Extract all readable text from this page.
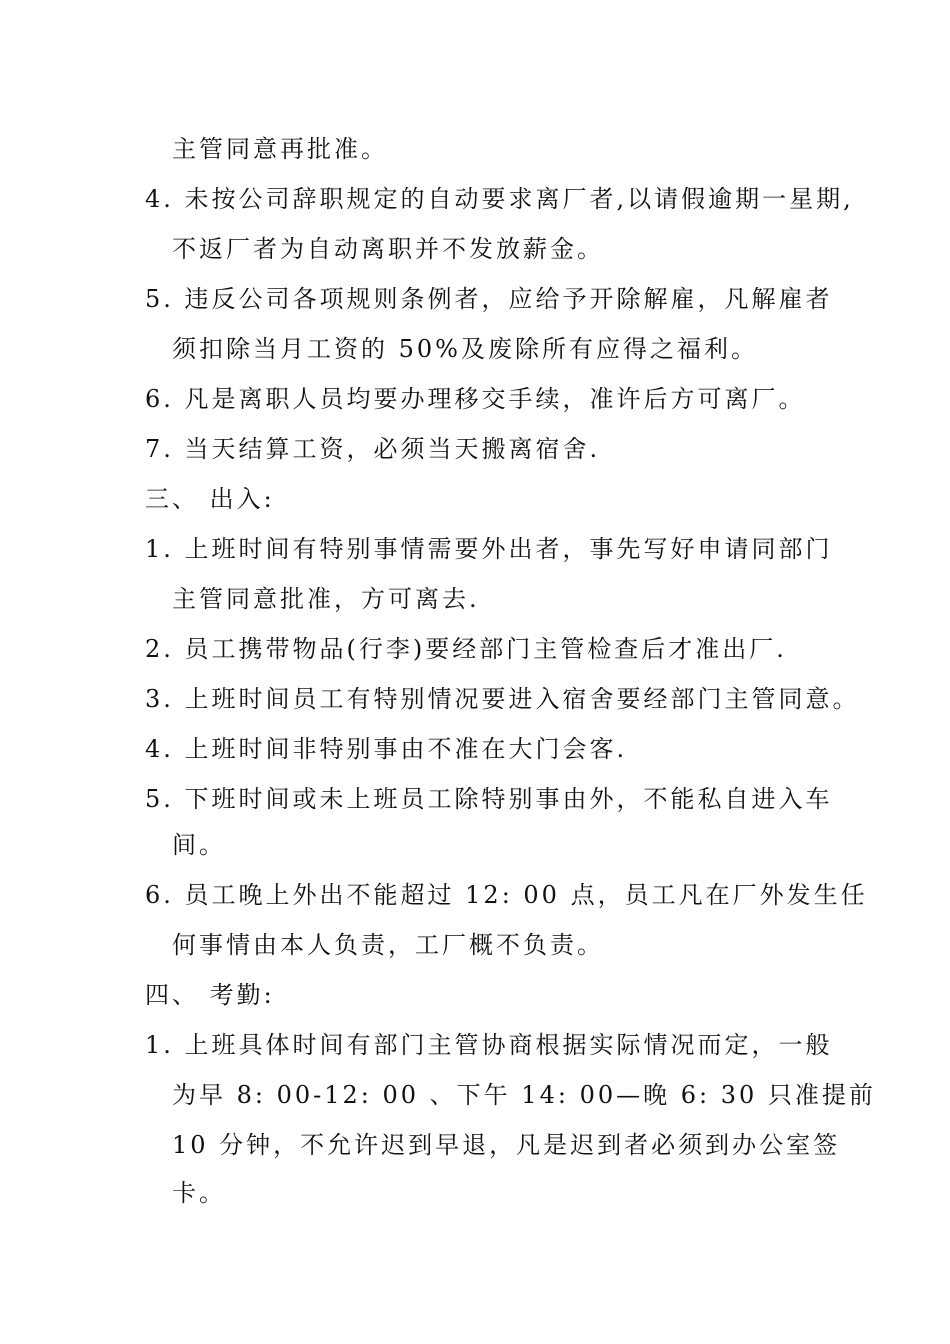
主管同意再批准。
4. 未按公司辞职规定的自动要求离厂者,以请假逾期一星期,
不返厂者为自动离职并不发放薪金。
5. 违反公司各项规则条例者，应给予开除解雇，凡解雇者
须扣除当月工资的 50%及废除所有应得之福利。
6. 凡是离职人员均要办理移交手续，准许后方可离厂。
7. 当天结算工资，必须当天搬离宿舍.
三、 出入:
1. 上班时间有特别事情需要外出者，事先写好申请同部门
主管同意批准，方可离去.
2. 员工携带物品(行李)要经部门主管检查后才准出厂.
3. 上班时间员工有特别情况要进入宿舍要经部门主管同意。
4. 上班时间非特别事由不准在大门会客.
5. 下班时间或未上班员工除特别事由外，不能私自进入车
间。
6. 员工晚上外出不能超过 12: 00 点，员工凡在厂外发生任
何事情由本人负责，工厂概不负责。
四、 考勤:
1. 上班具体时间有部门主管协商根据实际情况而定，一般
为早 8: 00-12: 00 、下午 14: 00—晚 6: 30 只准提前
10 分钟，不允许迟到早退，凡是迟到者必须到办公室签
卡。
